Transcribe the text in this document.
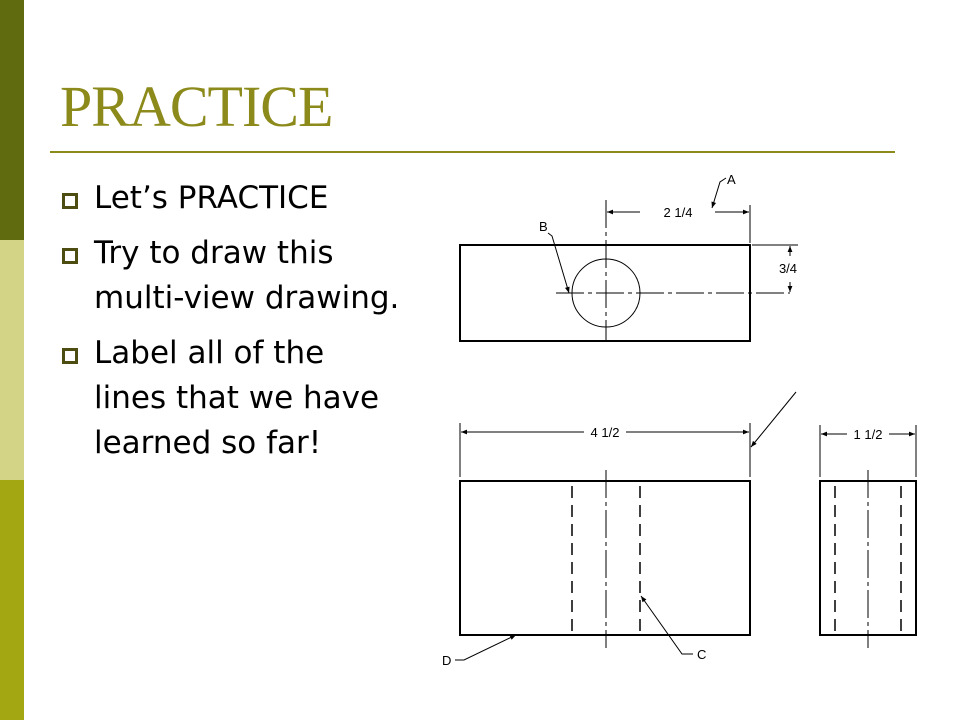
PRACTICE
Let’s PRACTICE
Try to draw this multi-view drawing.
Label all of the lines that we have learned so far!
2 1/4
3/4
A
B
4 1/2
C
D
1 1/2
